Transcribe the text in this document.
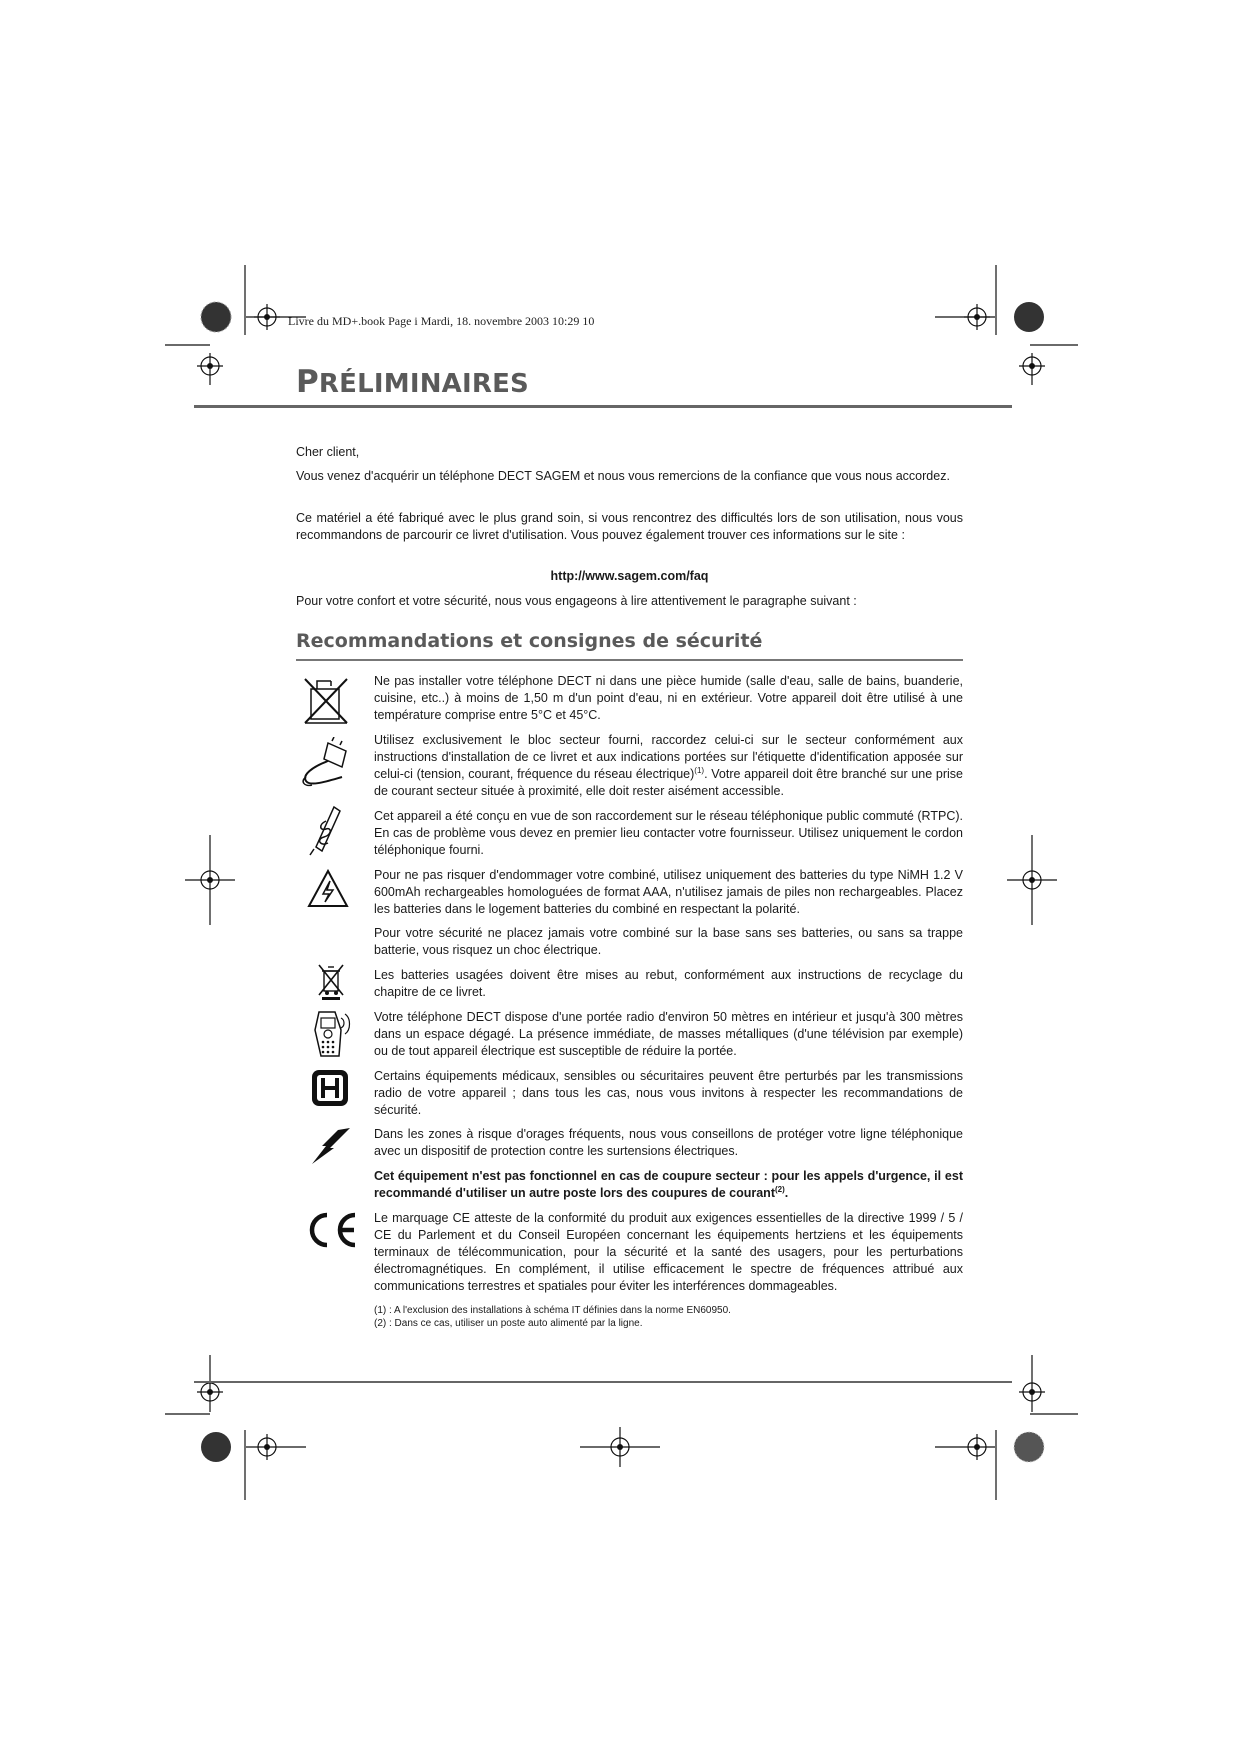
Livre du MD+.book Page i Mardi, 18. novembre 2003 10:29 10
PRÉLIMINAIRES
Cher client,
Vous venez d'acquérir un téléphone DECT SAGEM et nous vous remercions de la confiance que vous nous accordez.
Ce matériel a été fabriqué avec le plus grand soin, si vous rencontrez des difficultés lors de son utilisation, nous vous recommandons de parcourir ce livret d'utilisation. Vous pouvez également trouver ces informations sur le site :
http://www.sagem.com/faq
Pour votre confort et votre sécurité, nous vous engageons à lire attentivement le paragraphe suivant :
Recommandations et consignes de sécurité

Ne pas installer votre téléphone DECT ni dans une pièce humide (salle d'eau, salle de bains, buanderie, cuisine, etc..) à moins de 1,50 m d'un point d'eau, ni en extérieur. Votre appareil doit être utilisé à une température comprise entre 5°C et 45°C.

Utilisez exclusivement le bloc secteur fourni, raccordez celui-ci sur le secteur conformément aux instructions d'installation de ce livret et aux indications portées sur l'étiquette d'identification apposée sur celui-ci (tension, courant, fréquence du réseau électrique)$^{(1)}$. Votre appareil doit être branché sur une prise de courant secteur située à proximité, elle doit rester aisément accessible.

Cet appareil a été conçu en vue de son raccordement sur le réseau téléphonique public commuté (RTPC). En cas de problème vous devez en premier lieu contacter votre fournisseur. Utilisez uniquement le cordon téléphonique fourni.

Pour ne pas risquer d'endommager votre combiné, utilisez uniquement des batteries du type NiMH 1.2 V 600mAh rechargeables homologuées de format AAA, n'utilisez jamais de piles non rechargeables. Placez les batteries dans le logement batteries du combiné en respectant la polarité.

Pour votre sécurité ne placez jamais votre combiné sur la base sans ses batteries, ou sans sa trappe batterie, vous risquez un choc électrique.

Les batteries usagées doivent être mises au rebut, conformément aux instructions de recyclage du chapitre de ce livret.

Votre téléphone DECT dispose d'une portée radio d'environ 50 mètres en intérieur et jusqu'à 300 mètres dans un espace dégagé. La présence immédiate, de masses métalliques (d'une télévision par exemple) ou de tout appareil électrique est susceptible de réduire la portée.

Certains équipements médicaux, sensibles ou sécuritaires peuvent être perturbés par les transmissions radio de votre appareil ; dans tous les cas, nous vous invitons à respecter les recommandations de sécurité.

Dans les zones à risque d'orages fréquents, nous vous conseillons de protéger votre ligne téléphonique avec un dispositif de protection contre les surtensions électriques.

Cet équipement n'est pas fonctionnel en cas de coupure secteur : pour les appels d'urgence, il est recommandé d'utiliser un autre poste lors des coupures de courant$^{(2)}$.

Le marquage CE atteste de la conformité du produit aux exigences essentielles de la directive 1999 / 5 / CE du Parlement et du Conseil Européen concernant les équipements hertziens et les équipements terminaux de télécommunication, pour la sécurité et la santé des usagers, pour les perturbations électromagnétiques. En complément, il utilise efficacement le spectre de fréquences attribué aux communications terrestres et spatiales pour éviter les interférences dommageables.

(1) : A l'exclusion des installations à schéma IT définies dans la norme EN60950.
(2) : Dans ce cas, utiliser un poste auto alimenté par la ligne.
